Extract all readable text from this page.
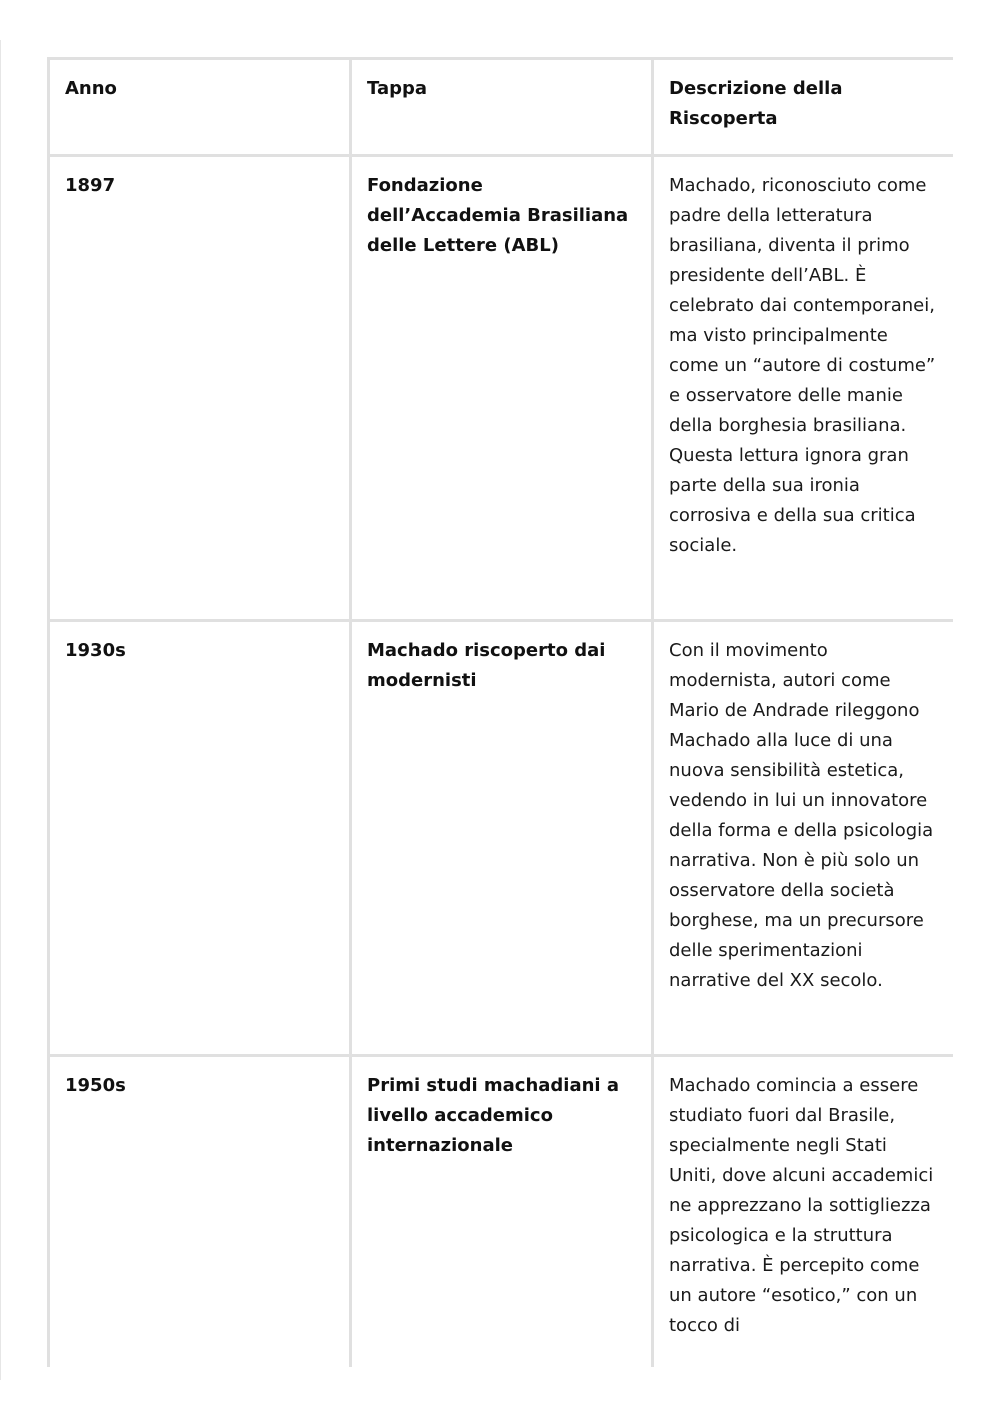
Anno	Tappa	Descrizione della Riscoperta
1897	Fondazione dell’Accademia Brasiliana delle Lettere (ABL)	Machado, riconosciuto come padre della letteratura brasiliana, diventa il primo presidente dell’ABL. È celebrato dai contemporanei, ma visto principalmente come un “autore di costume” e osservatore delle manie della borghesia brasiliana. Questa lettura ignora gran parte della sua ironia corrosiva e della sua critica sociale.
1930s	Machado riscoperto dai modernisti	Con il movimento modernista, autori come Mario de Andrade rileggono Machado alla luce di una nuova sensibilità estetica, vedendo in lui un innovatore della forma e della psicologia narrativa. Non è più solo un osservatore della società borghese, ma un precursore delle sperimentazioni narrative del XX secolo.
1950s	Primi studi machadiani a livello accademico internazionale	Machado comincia a essere studiato fuori dal Brasile, specialmente negli Stati Uniti, dove alcuni accademici ne apprezzano la sottigliezza psicologica e la struttura narrativa. È percepito come un autore “esotico,” con un tocco di
